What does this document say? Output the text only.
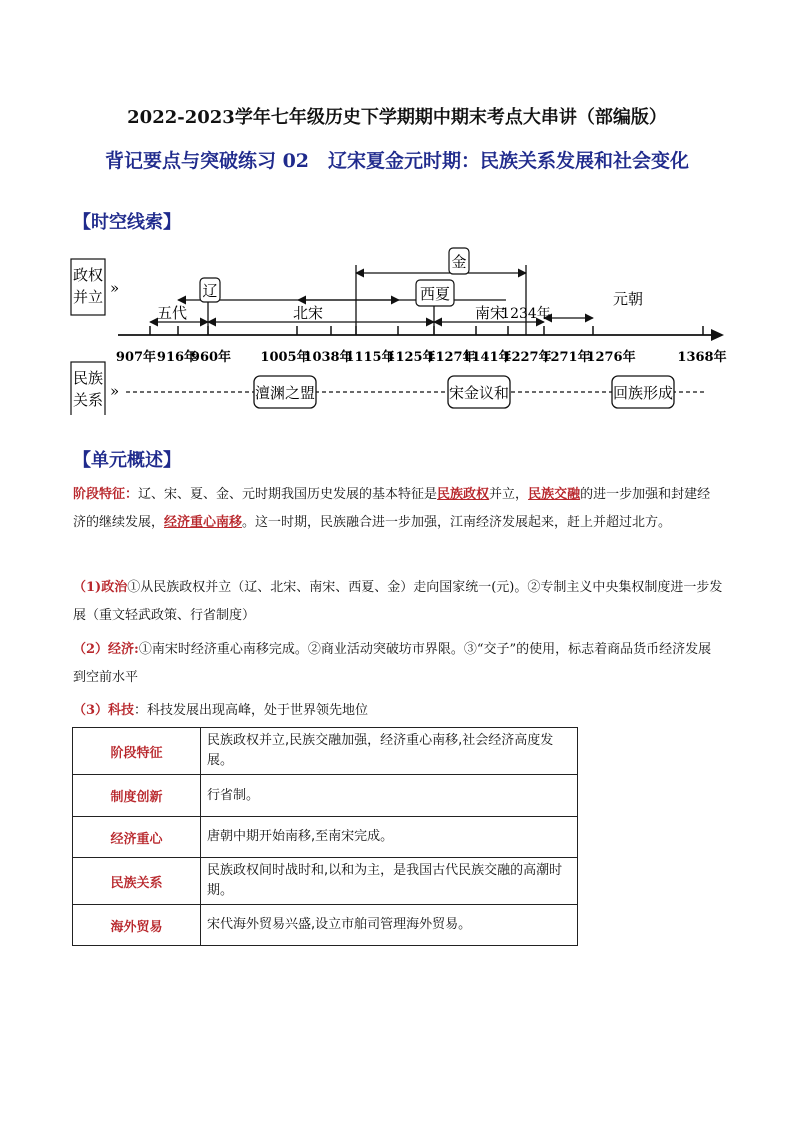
2022-2023学年七年级历史下学期期中期末考点大串讲（部编版）
背记要点与突破练习 02　辽宋夏金元时期：民族关系发展和社会变化
【时空线索】
政权
并立 »
民族
关系 »
907年 916年
960年 1005年
1038年
1115年
1125年
1127年
1141年
1227年
1271年
1276年	1368年
辽
五代	北宋
金
西夏
南宋
1234年
元朝
澶渊之盟	宋金议和	回族形成
【单元概述】
阶段特征：辽、宋、夏、金、元时期我国历史发展的基本特征是民族政权并立，民族交融的进一步加强和封建经济的继续发展，经济重心南移。这一时期，民族融合进一步加强，江南经济发展起来，赶上并超过北方。
（1)政治①从民族政权并立（辽、北宋、南宋、西夏、金）走向国家统一(元)。②专制主义中央集权制度进一步发展（重文轻武政策、行省制度）
（2）经济:①南宋时经济重心南移完成。②商业活动突破坊市界限。③“交子”的使用，标志着商品货币经济发展到空前水平
（3）科技：科技发展出现高峰，处于世界领先地位
阶段特征	民族政权并立,民族交融加强，经济重心南移,社会经济高度发展。
制度创新	行省制。
经济重心	唐朝中期开始南移,至南宋完成。
民族关系	民族政权间时战时和,以和为主，是我国古代民族交融的高潮时期。
海外贸易	宋代海外贸易兴盛,设立市舶司管理海外贸易。
